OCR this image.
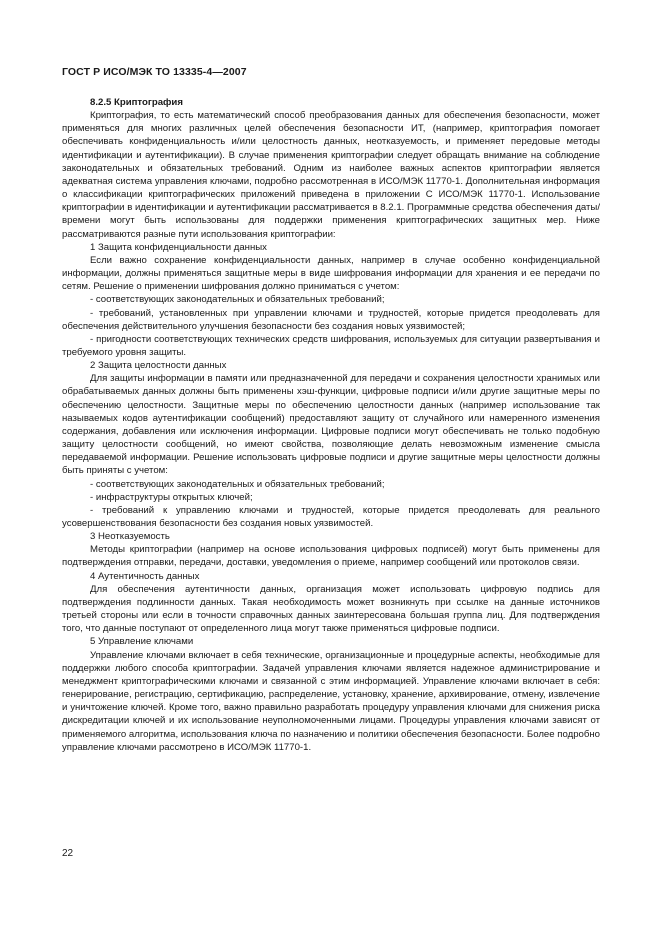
ГОСТ Р ИСО/МЭК ТО 13335-4—2007

8.2.5 Криптография

Криптография, то есть математический способ преобразования данных для обеспечения безопасности, может применяться для многих различных целей обеспечения безопасности ИТ, (например, криптография помогает обеспечивать конфиденциальность и/или целостность данных, неотказуемость, и применяет передовые методы идентификации и аутентификации). В случае применения криптографии следует обращать внимание на соблюдение законодательных и обязательных требований. Одним из наиболее важных аспектов криптографии является адекватная система управления ключами, подробно рассмотренная в ИСО/МЭК 11770-1. Дополнительная информация о классификации криптографических приложений приведена в приложении С ИСО/МЭК 11770-1. Использование криптографии в идентификации и аутентификации рассматривается в 8.2.1. Программные средства обеспечения даты/времени могут быть использованы для поддержки применения криптографических защитных мер. Ниже рассматриваются разные пути использования криптографии:

1 Защита конфиденциальности данных

Если важно сохранение конфиденциальности данных, например в случае особенно конфиденциальной информации, должны применяться защитные меры в виде шифрования информации для хранения и ее передачи по сетям. Решение о применении шифрования должно приниматься с учетом:

- соответствующих законодательных и обязательных требований;

- требований, установленных при управлении ключами и трудностей, которые придется преодолевать для обеспечения действительного улучшения безопасности без создания новых уязвимостей;

- пригодности соответствующих технических средств шифрования, используемых для ситуации развертывания и требуемого уровня защиты.

2 Защита целостности данных

Для защиты информации в памяти или предназначенной для передачи и сохранения целостности хранимых или обрабатываемых данных должны быть применены хэш-функции, цифровые подписи и/или другие защитные меры по обеспечению целостности. Защитные меры по обеспечению целостности данных (например использование так называемых кодов аутентификации сообщений) предоставляют защиту от случайного или намеренного изменения содержания, добавления или исключения информации. Цифровые подписи могут обеспечивать не только подобную защиту целостности сообщений, но имеют свойства, позволяющие делать невозможным изменение смысла передаваемой информации. Решение использовать цифровые подписи и другие защитные меры целостности должны быть приняты с учетом:

- соответствующих законодательных и обязательных требований;

- инфраструктуры открытых ключей;

- требований к управлению ключами и трудностей, которые придется преодолевать для реального усовершенствования безопасности без создания новых уязвимостей.

3 Неотказуемость

Методы криптографии (например на основе использования цифровых подписей) могут быть применены для подтверждения отправки, передачи, доставки, уведомления о приеме, например сообщений или протоколов связи.

4 Аутентичность данных

Для обеспечения аутентичности данных, организация может использовать цифровую подпись для подтверждения подлинности данных. Такая необходимость может возникнуть при ссылке на данные источников третьей стороны или если в точности справочных данных заинтересована большая группа лиц. Для подтверждения того, что данные поступают от определенного лица могут также применяться цифровые подписи.

5 Управление ключами

Управление ключами включает в себя технические, организационные и процедурные аспекты, необходимые для поддержки любого способа криптографии. Задачей управления ключами является надежное администрирование и менеджмент криптографическими ключами и связанной с этим информацией. Управление ключами включает в себя: генерирование, регистрацию, сертификацию, распределение, установку, хранение, архивирование, отмену, извлечение и уничтожение ключей. Кроме того, важно правильно разработать процедуру управления ключами для снижения риска дискредитации ключей и их использование неуполномоченными лицами. Процедуры управления ключами зависят от применяемого алгоритма, использования ключа по назначению и политики обеспечения безопасности. Более подробно управление ключами рассмотрено в ИСО/МЭК 11770-1.

22
